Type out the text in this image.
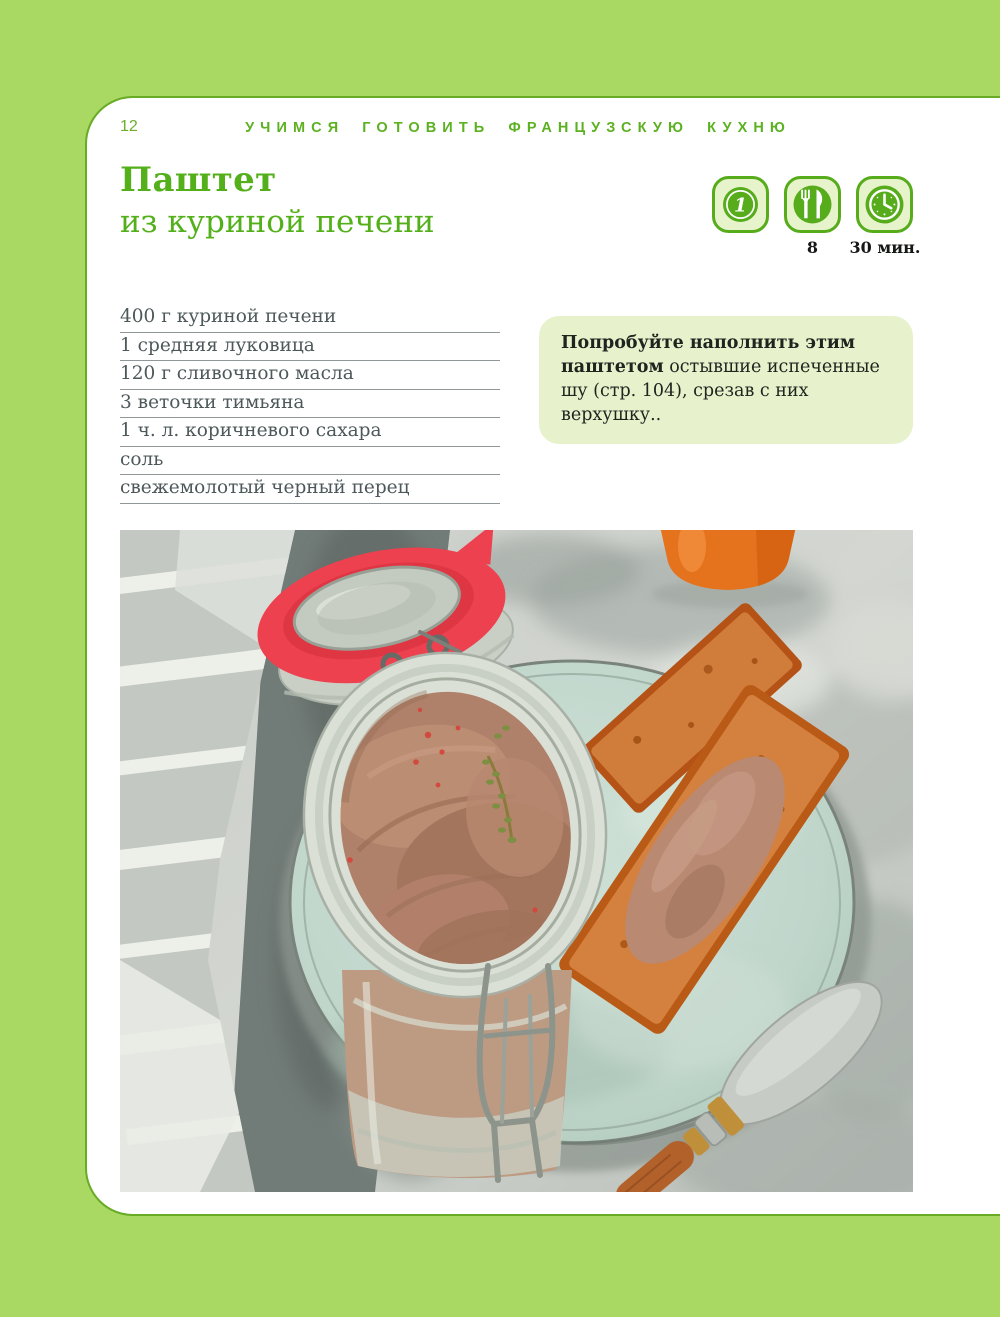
12	УЧИМСЯ ГОТОВИТЬ ФРАНЦУЗСКУЮ КУХНЮ
Паштет
из куриной печени	1
8	30 мин.
400 г куриной печени
1 средняя луковица
120 г сливочного масла
3 веточки тимьяна
1 ч. л. коричневого сахара
соль
свежемолотый черный перец
Попробуйте наполнить этим паштетом остывшие испеченные шу (стр. 104), срезав с них верхушку..
